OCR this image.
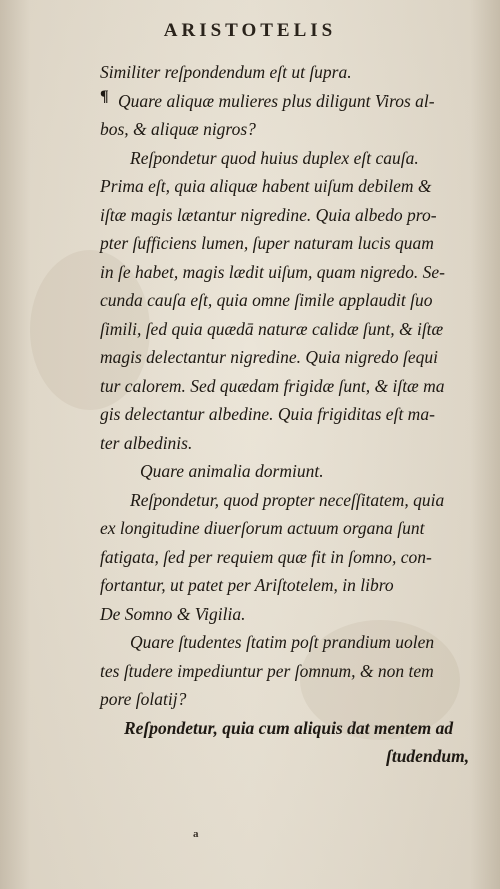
ARISTOTELIS
¶
Similiter reſpondendum eſt ut ſupra.
Quare aliquæ mulieres plus diligunt Viros al-
bos, & aliquæ nigros?
Reſpondetur quod huius duplex eſt cauſa.
Prima eſt, quia aliquæ habent uiſum debilem &
iſtæ magis lætantur nigredine. Quia albedo pro-
pter ſufficiens lumen, ſuper naturam lucis quam
in ſe habet, magis lædit uiſum, quam nigredo. Se-
cunda cauſa eſt, quia omne ſimile applaudit ſuo
ſimili, ſed quia quædā naturæ calidæ ſunt, & iſtæ
magis delectantur nigredine. Quia nigredo ſequi
tur calorem. Sed quædam frigidæ ſunt, & iſtæ ma
gis delectantur albedine. Quia frigiditas eſt ma-
ter albedinis.
Quare animalia dormiunt.
Reſpondetur, quod propter neceſſitatem, quia
ex longitudine diuerſorum actuum organa ſunt
fatigata, ſed per requiem quæ fit in ſomno, con-
fortantur, ut patet per Ariſtotelem, in libro
De Somno & Vigilia.
Quare ſtudentes ſtatim poſt prandium uolen
tes ſtudere impediuntur per ſomnum, & non tem
pore ſolatij?
Reſpondetur, quia cum aliquis dat mentem ad
ſtudendum,
a
